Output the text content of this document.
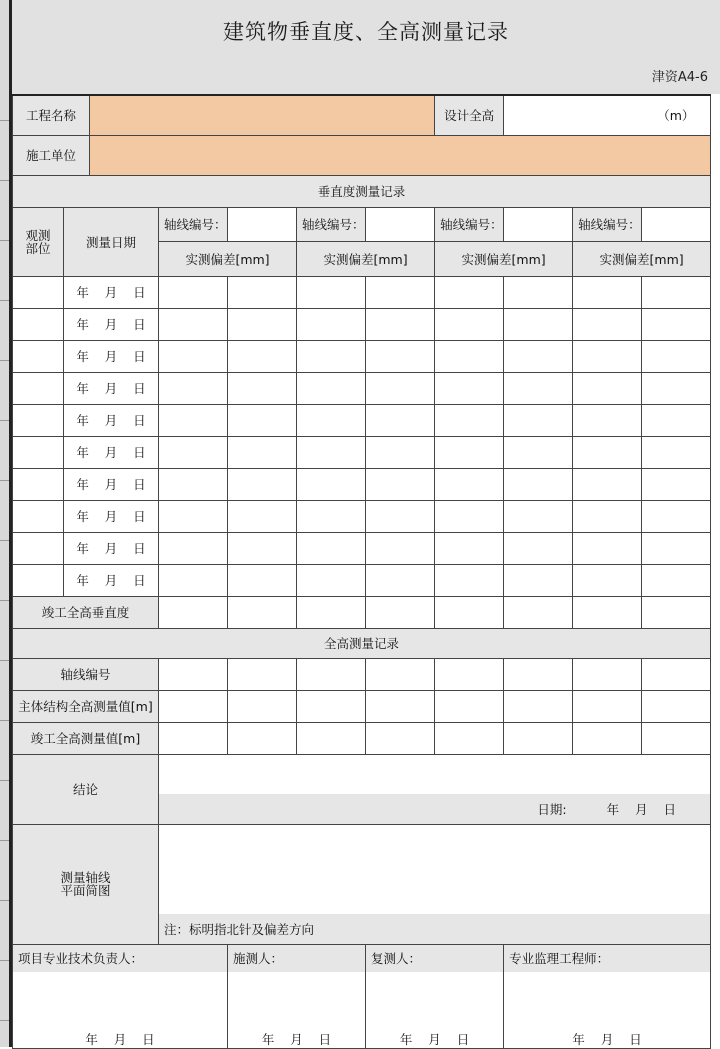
建筑物垂直度、全高测量记录
津资A4-6
工程名称							设计全高			（m）
施工单位										
垂直度测量记录										
观测
部位	测量日期		轴线编号：		轴线编号：		轴线编号：		轴线编号：	
			实测偏差[mm]		实测偏差[mm]		实测偏差[mm]		实测偏差[mm]	
	年 月 日									
	年 月 日									
	年 月 日									
	年 月 日									
	年 月 日									
	年 月 日									
	年 月 日									
	年 月 日									
	年 月 日									
	年 月 日									
竣工全高垂直度										
全高测量记录										
轴线编号										
主体结构全高测量值[m]										
竣工全高测量值[m]										
结论										
			日期:						年 月 日	
测量轴线
平面简图										
			注：标明指北针及偏差方向							
项目专业技术负责人：				施测人：		复测人：		专业监理工程师：		
年 月 日				年 月 日		年 月 日		年 月 日		
